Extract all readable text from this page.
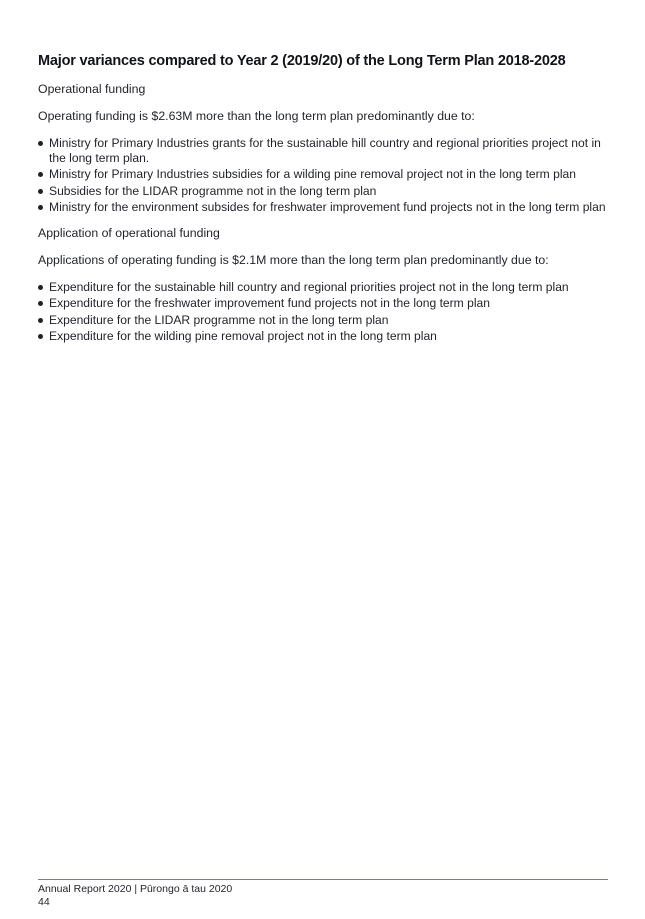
Major variances compared to Year 2 (2019/20) of the Long Term Plan 2018-2028

Operational funding

Operating funding is $2.63M more than the long term plan predominantly due to:

Ministry for Primary Industries grants for the sustainable hill country and regional priorities project not in the long term plan.
Ministry for Primary Industries subsidies for a wilding pine removal project not in the long term plan
Subsidies for the LIDAR programme not in the long term plan
Ministry for the environment subsides for freshwater improvement fund projects not in the long term plan

Application of operational funding

Applications of operating funding is $2.1M more than the long term plan predominantly due to:

Expenditure for the sustainable hill country and regional priorities project not in the long term plan
Expenditure for the freshwater improvement fund projects not in the long term plan
Expenditure for the LIDAR programme not in the long term plan
Expenditure for the wilding pine removal project not in the long term plan
Annual Report 2020 | Pūrongo ā tau 2020
44
